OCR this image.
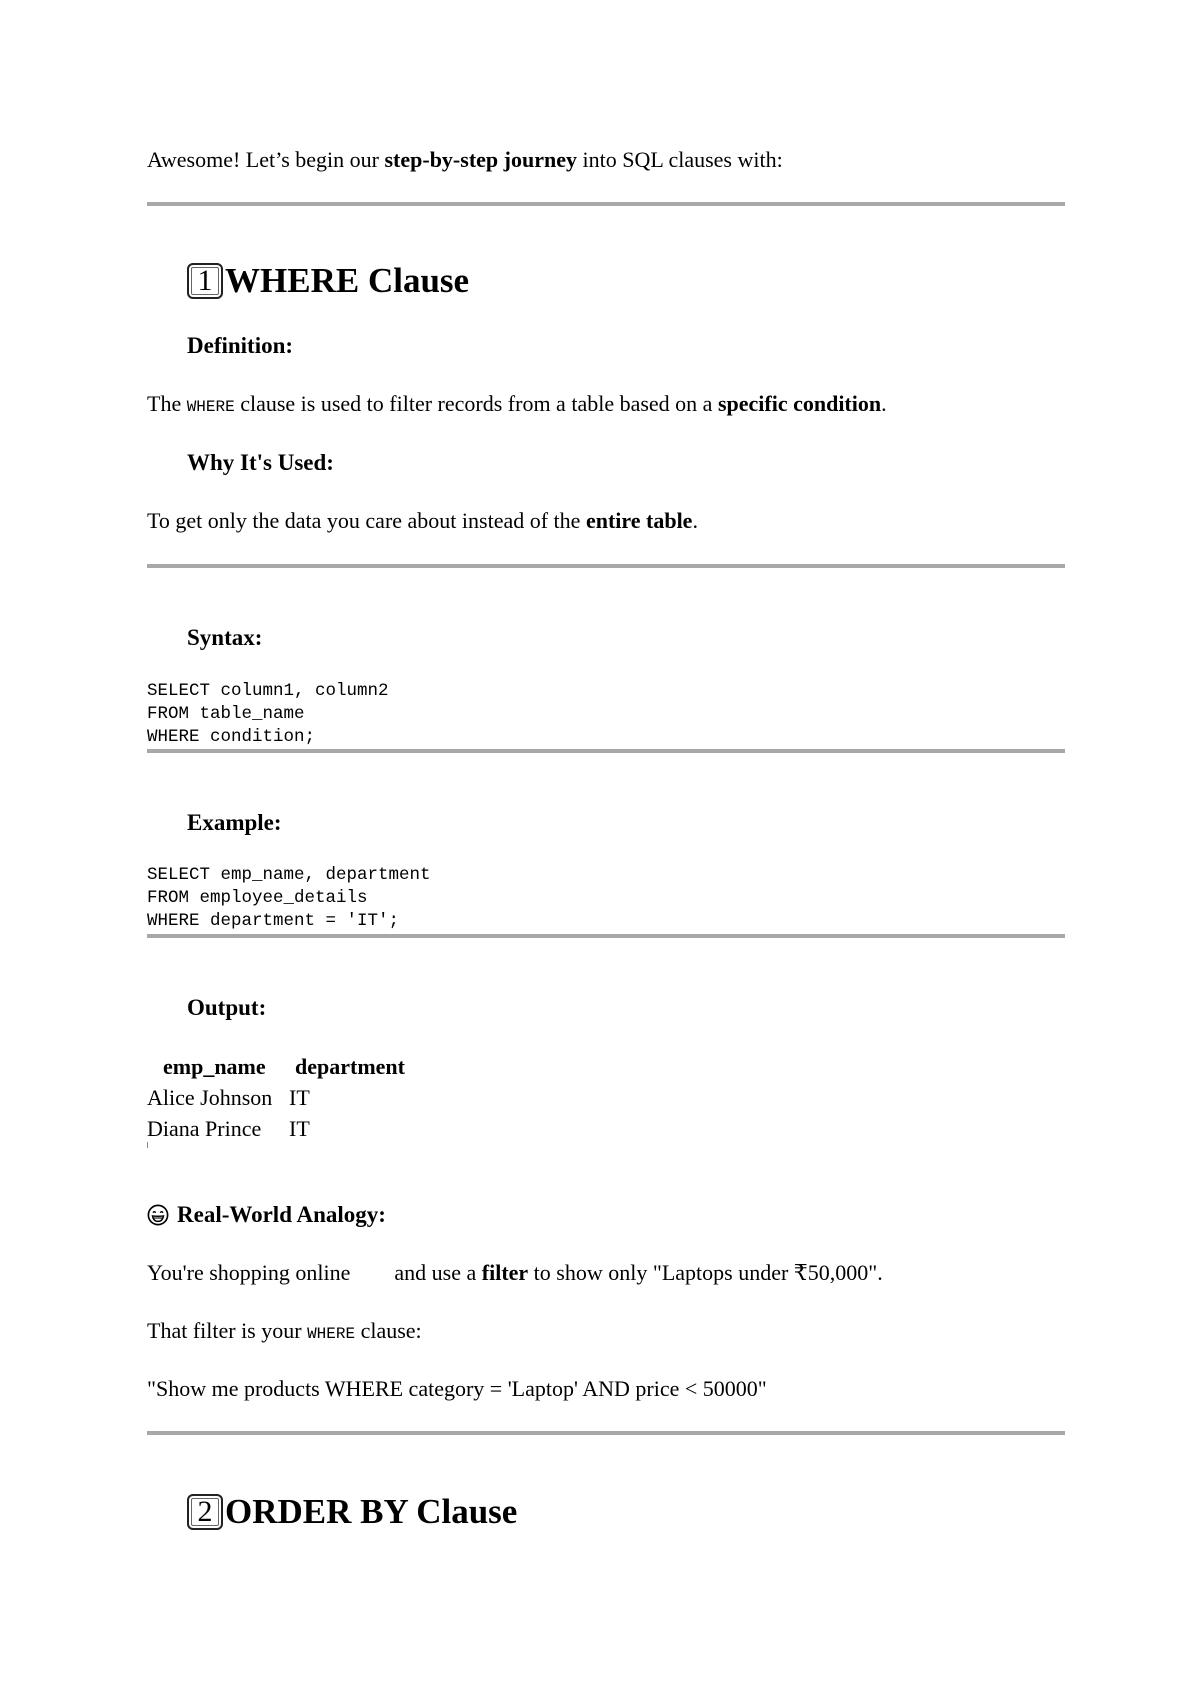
Awesome! Let’s begin our step-by-step journey into SQL clauses with:
1 WHERE Clause
Definition:
The WHERE clause is used to filter records from a table based on a specific condition.
Why It's Used:
To get only the data you care about instead of the entire table.
Syntax:
SELECT column1, column2
FROM table_name
WHERE condition;
Example:
SELECT emp_name, department
FROM employee_details
WHERE department = 'IT';
Output:
emp_name	department
Alice Johnson IT
Diana Prince	IT
Real-World Analogy:
You're shopping online and use a filter to show only "Laptops under ₹50,000".
That filter is your WHERE clause:
"Show me products WHERE category = 'Laptop' AND price < 50000"
2 ORDER BY Clause
